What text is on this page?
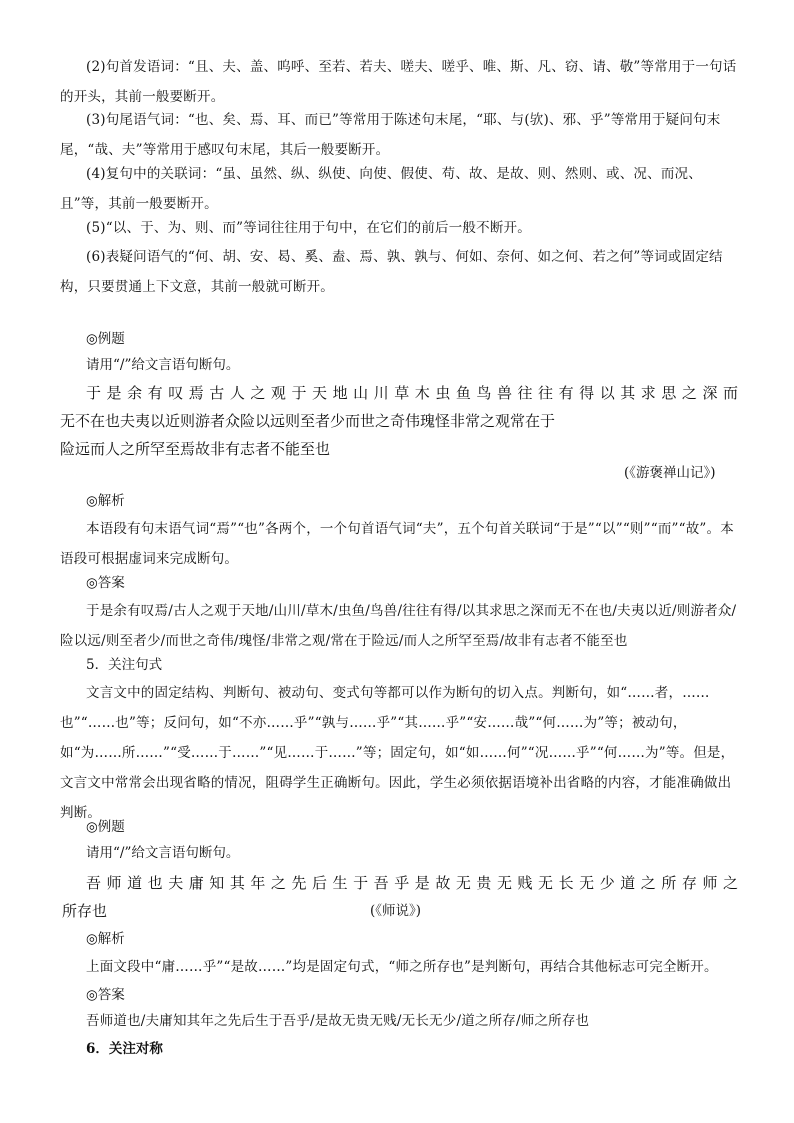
(2)句首发语词：“且、夫、盖、呜呼、至若、若夫、嗟夫、嗟乎、唯、斯、凡、窃、请、敬”等常用于一句话的开头，其前一般要断开。

(3)句尾语气词：“也、矣、焉、耳、而已”等常用于陈述句末尾，“耶、与(欤)、邪、乎”等常用于疑问句末尾，“哉、夫”等常用于感叹句末尾，其后一般要断开。

(4)复句中的关联词：“虽、虽然、纵、纵使、向使、假使、苟、故、是故、则、然则、或、况、而况、且”等，其前一般要断开。

(5)“以、于、为、则、而”等词往往用于句中，在它们的前后一般不断开。

(6)表疑问语气的“何、胡、安、曷、奚、盍、焉、孰、孰与、何如、奈何、如之何、若之何”等词或固定结构，只要贯通上下文意，其前一般就可断开。

◎例题
请用“/”给文言语句断句。
于是余有叹焉古人之观于天地山川草木虫鱼鸟兽往往有得以其求思之深而
无不在也夫夷以近则游者众险以远则至者少而世之奇伟瑰怪非常之观常在于
险远而人之所罕至焉故非有志者不能至也
(《游褒禅山记》)
◎解析

本语段有句末语气词“焉”“也”各两个，一个句首语气词“夫”，五个句首关联词“于是”“以”“则”“而”“故”。本语段可根据虚词来完成断句。

◎答案

于是余有叹焉/古人之观于天地/山川/草木/虫鱼/鸟兽/往往有得/以其求思之深而无不在也/夫夷以近/则游者众/险以远/则至者少/而世之奇伟/瑰怪/非常之观/常在于险远/而人之所罕至焉/故非有志者不能至也

5．关注句式

文言文中的固定结构、判断句、被动句、变式句等都可以作为断句的切入点。判断句，如“……者，……也”“……也”等；反问句，如“不亦……乎”“孰与……乎”“其……乎”“安……哉”“何……为”等；被动句，如“为……所……”“受……于……”“见……于……”等；固定句，如“如……何”“况……乎”“何……为”等。但是，文言文中常常会出现省略的情况，阻碍学生正确断句。因此，学生必须依据语境补出省略的内容，才能准确做出判断。

◎例题
请用“/”给文言语句断句。
吾师道也夫庸知其年之先后生于吾乎是故无贵无贱无长无少道之所存师之
所存也	(《师说》)
◎解析

上面文段中“庸……乎”“是故……”均是固定句式，“师之所存也”是判断句，再结合其他标志可完全断开。

◎答案

吾师道也/夫庸知其年之先后生于吾乎/是故无贵无贱/无长无少/道之所存/师之所存也

6．关注对称
